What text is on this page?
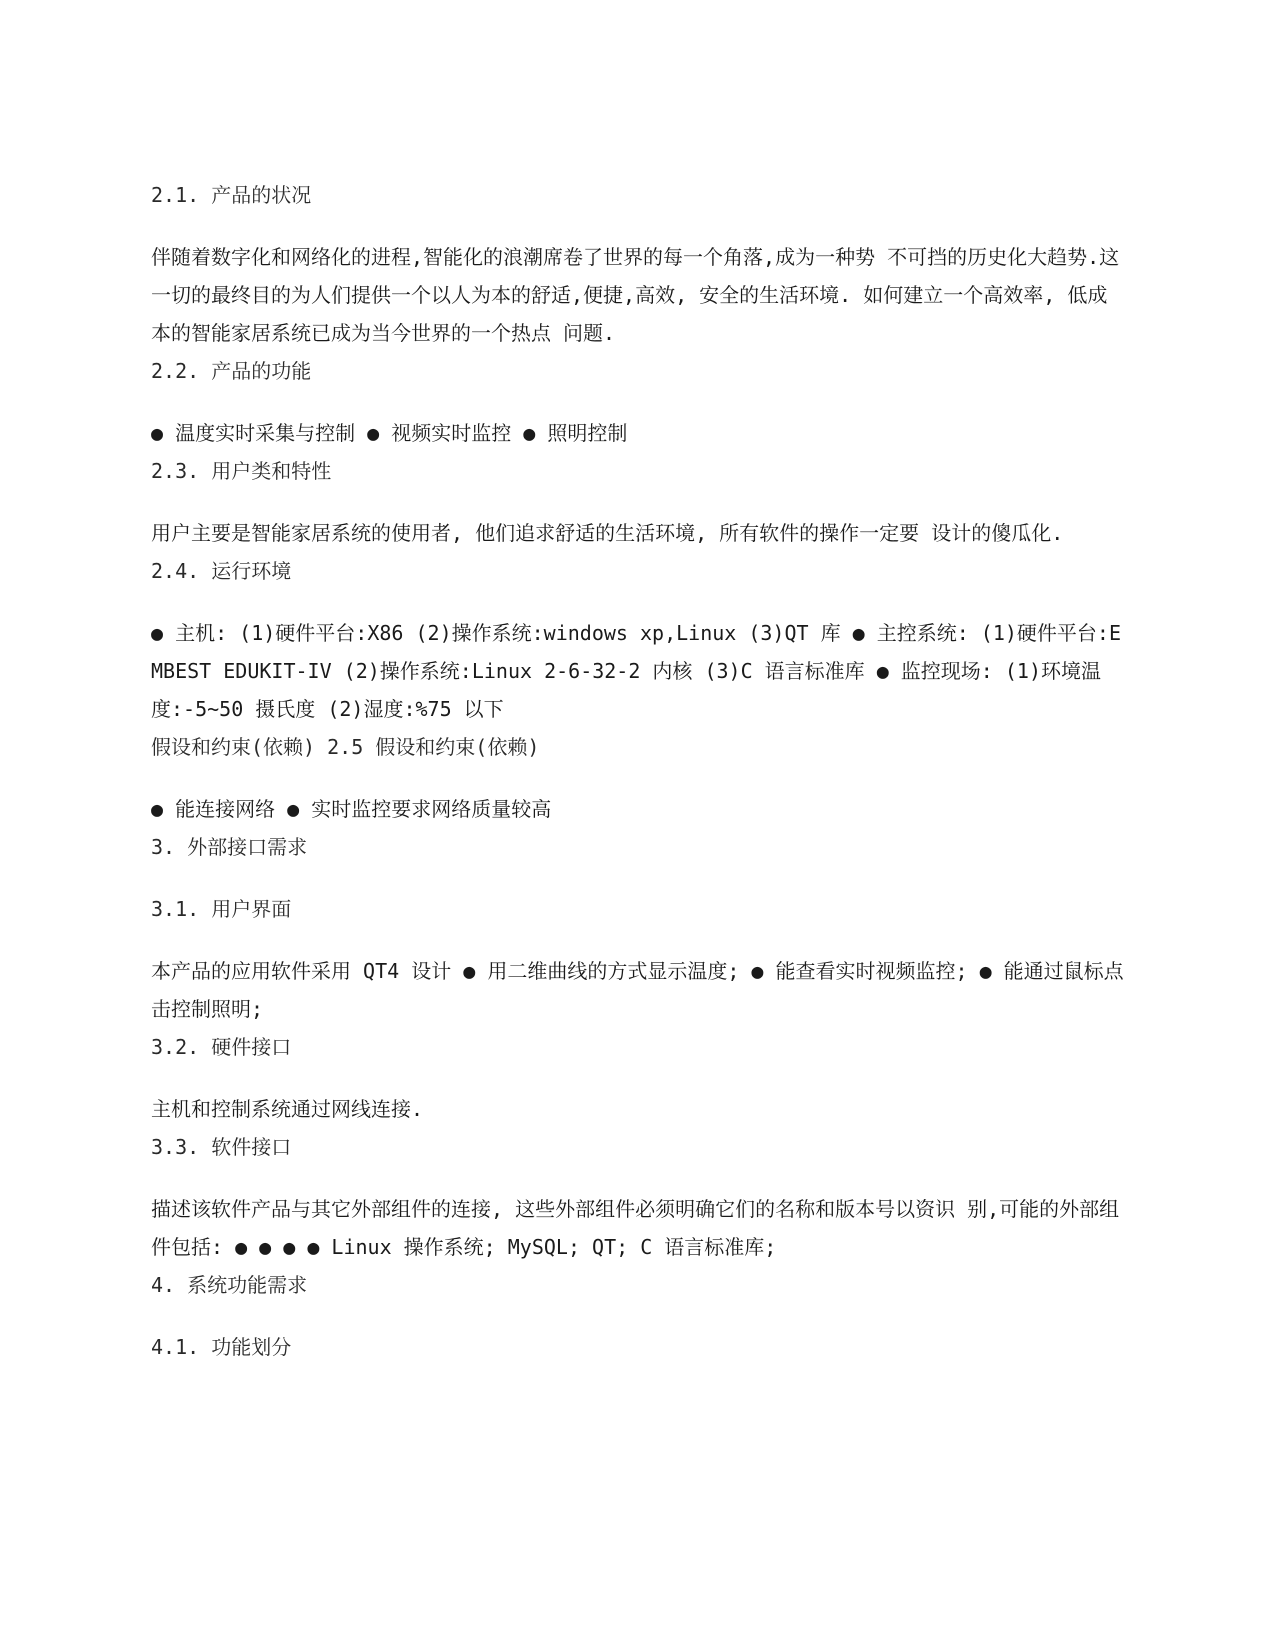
2.1. 产品的状况
伴随着数字化和网络化的进程,智能化的浪潮席卷了世界的每一个角落,成为一种势 不可挡的历史化大趋势.这一切的最终目的为人们提供一个以人为本的舒适,便捷,高效, 安全的生活环境. 如何建立一个高效率, 低成本的智能家居系统已成为当今世界的一个热点 问题.
2.2. 产品的功能
● 温度实时采集与控制 ● 视频实时监控 ● 照明控制
2.3. 用户类和特性
用户主要是智能家居系统的使用者, 他们追求舒适的生活环境, 所有软件的操作一定要 设计的傻瓜化.
2.4. 运行环境
● 主机: (1)硬件平台:X86 (2)操作系统:windows xp,Linux (3)QT 库 ● 主控系统: (1)硬件平台:EMBEST EDUKIT-IV (2)操作系统:Linux 2-6-32-2 内核 (3)C 语言标准库 ● 监控现场: (1)环境温度:-5~50 摄氏度 (2)湿度:%75 以下
假设和约束(依赖) 2.5 假设和约束(依赖)
● 能连接网络 ● 实时监控要求网络质量较高
3. 外部接口需求
3.1. 用户界面
本产品的应用软件采用 QT4 设计 ● 用二维曲线的方式显示温度; ● 能查看实时视频监控; ● 能通过鼠标点击控制照明;
3.2. 硬件接口
主机和控制系统通过网线连接.
3.3. 软件接口
描述该软件产品与其它外部组件的连接, 这些外部组件必须明确它们的名称和版本号以资识 别,可能的外部组件包括: ● ● ● ● Linux 操作系统; MySQL; QT; C 语言标准库;
4. 系统功能需求
4.1. 功能划分
